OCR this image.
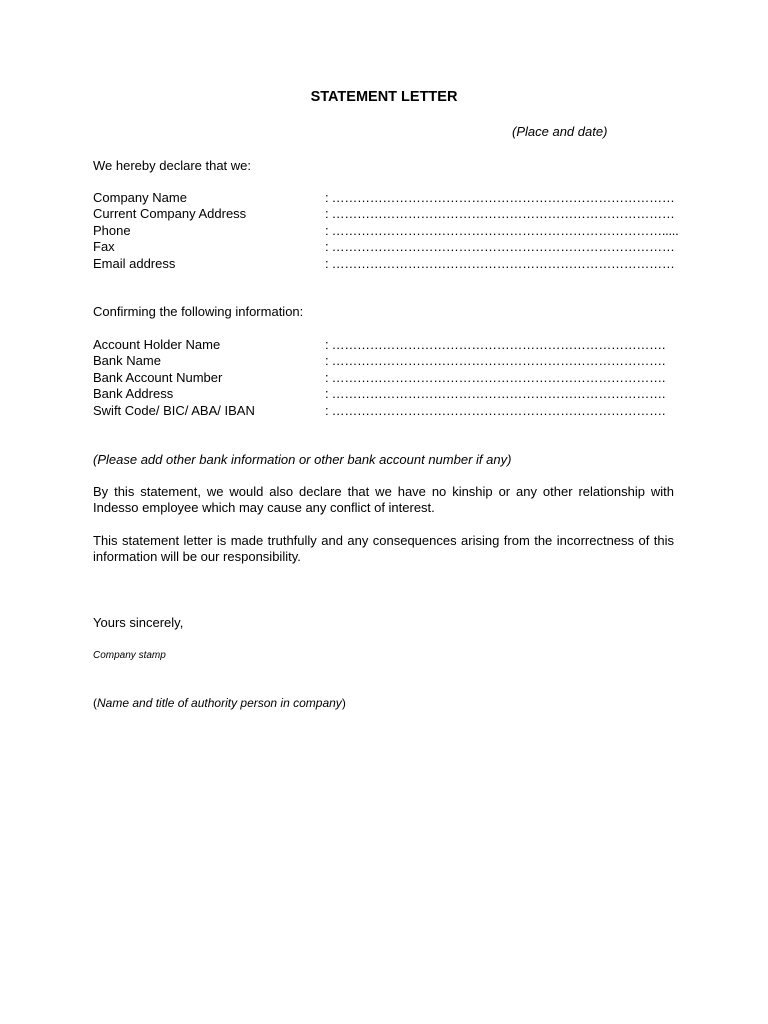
STATEMENT LETTER
(Place and date)
We hereby declare that we:
Company Name	: ………………………………………………………………………
Current Company Address	: ………………………………………………………………………
Phone	: …………………………………………………………………….....
Fax	: ………………………………………………………………………
Email address	: ………………………………………………………………………
Confirming the following information:
Account Holder Name	: …………………………………………………………………….
Bank Name	: …………………………………………………………………….
Bank Account Number	: …………………………………………………………………….
Bank Address	: …………………………………………………………………….
Swift Code/ BIC/ ABA/ IBAN	: …………………………………………………………………….
(Please add other bank information or other bank account number if any)

By this statement, we would also declare that we have no kinship or any other relationship with Indesso employee which may cause any conflict of interest.

This statement letter is made truthfully and any consequences arising from the incorrectness of this information will be our responsibility.

Yours sincerely,
Company stamp
(Name and title of authority person in company)
